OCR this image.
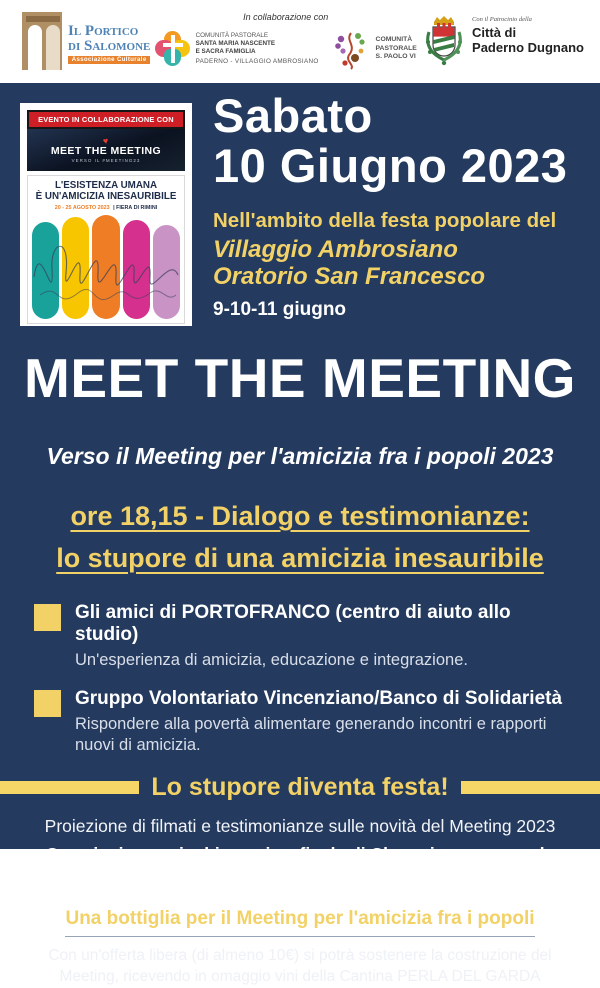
Il Portico
di Salomone
Associazione Culturale
In collaborazione con
COMUNITÀ PASTORALE
SANTA MARIA NASCENTE
E SACRA FAMIGLIA
PADERNO - VILLAGGIO AMBROSIANO
COMUNITÀ
PASTORALE
S. PAOLO VI
Con il Patrocinio della
Città di
Paderno Dugnano
EVENTO IN COLLABORAZIONE CON
♥
MEET THE MEETING
VERSO IL #MEETING23
L'ESISTENZA UMANA
È UN'AMICIZIA INESAURIBILE
20 - 25 AGOSTO 2023 | FIERA DI RIMINI
Sabato
10 Giugno 2023
Nell'ambito della festa popolare del
Villaggio Ambrosiano
Oratorio San Francesco
9-10-11 giugno
MEET THE MEETING
Verso il Meeting per l'amicizia fra i popoli 2023
ore 18,15 - Dialogo e testimonianze:
lo stupore di una amicizia inesauribile
Gli amici di PORTOFRANCO (centro di aiuto allo studio)
Un'esperienza di amicizia, educazione e integrazione.
Gruppo Volontariato Vincenziano/Banco di Solidarietà
Rispondere alla povertà alimentare generando incontri e rapporti nuovi di amicizia.
Lo stupore diventa festa!

Proiezione di filmati e testimonianze sulle novità del Meeting 2023

Cena insieme, giochi, musica, finale di Champions su grande schermo

Una bottiglia per il Meeting per l'amicizia fra i popoli

Con un'offerta libera (di almeno 10€) si potrà sostenere la costruzione del Meeting, ricevendo in omaggio vini della Cantina PERLA DEL GARDA
